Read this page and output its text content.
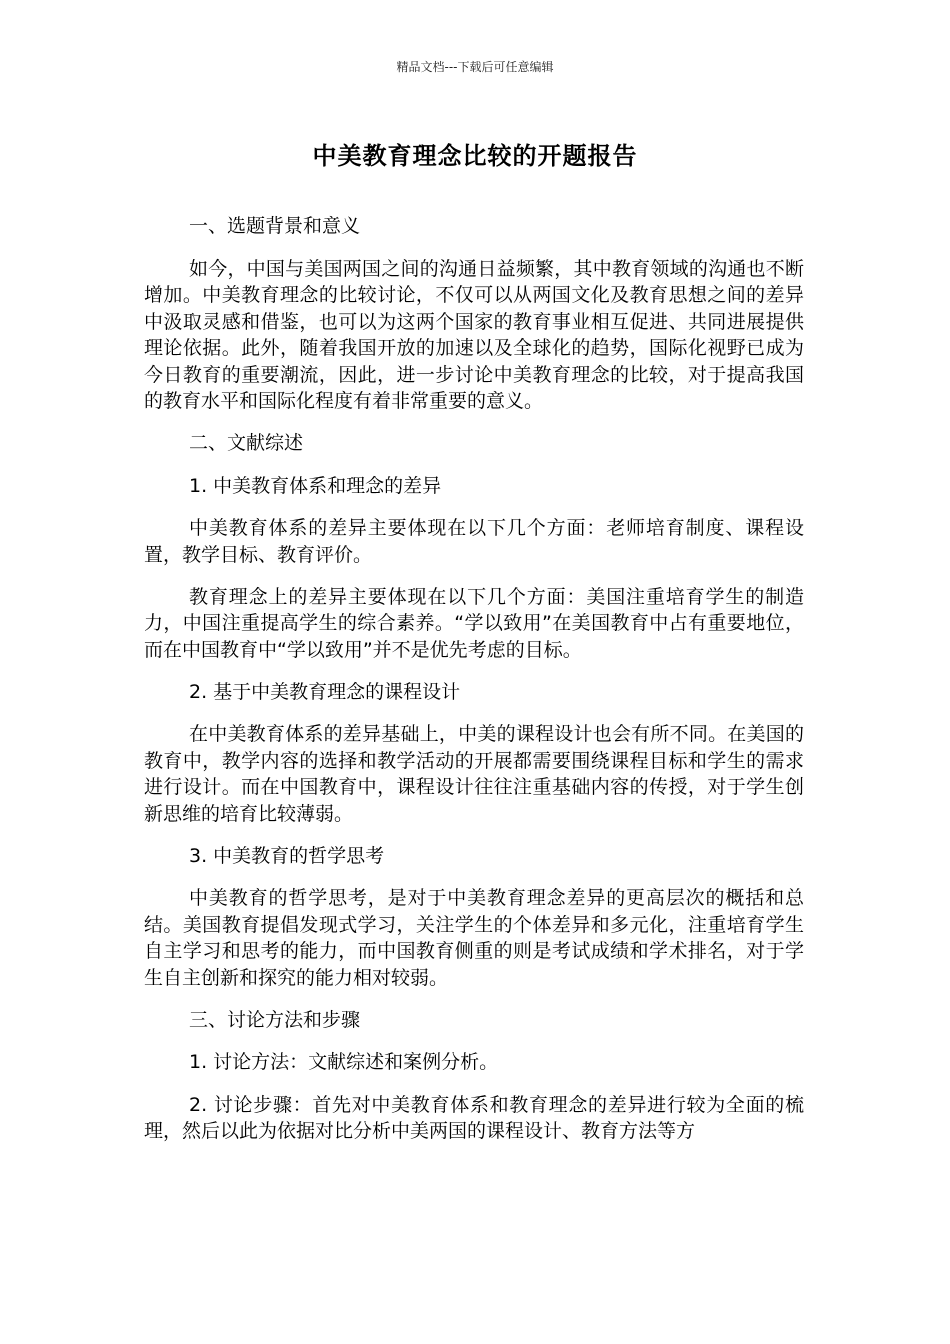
精品文档---下载后可任意编辑
中美教育理念比较的开题报告

一、选题背景和意义

如今，中国与美国两国之间的沟通日益频繁，其中教育领域的沟通也不断增加。中美教育理念的比较讨论，不仅可以从两国文化及教育思想之间的差异中汲取灵感和借鉴，也可以为这两个国家的教育事业相互促进、共同进展提供理论依据。此外，随着我国开放的加速以及全球化的趋势，国际化视野已成为今日教育的重要潮流，因此，进一步讨论中美教育理念的比较，对于提高我国的教育水平和国际化程度有着非常重要的意义。

二、文献综述

1. 中美教育体系和理念的差异

中美教育体系的差异主要体现在以下几个方面：老师培育制度、课程设置，教学目标、教育评价。

教育理念上的差异主要体现在以下几个方面：美国注重培育学生的制造力，中国注重提高学生的综合素养。“学以致用”在美国教育中占有重要地位，而在中国教育中“学以致用”并不是优先考虑的目标。

2. 基于中美教育理念的课程设计

在中美教育体系的差异基础上，中美的课程设计也会有所不同。在美国的教育中，教学内容的选择和教学活动的开展都需要围绕课程目标和学生的需求进行设计。而在中国教育中，课程设计往往注重基础内容的传授，对于学生创新思维的培育比较薄弱。

3. 中美教育的哲学思考

中美教育的哲学思考，是对于中美教育理念差异的更高层次的概括和总结。美国教育提倡发现式学习，关注学生的个体差异和多元化，注重培育学生自主学习和思考的能力，而中国教育侧重的则是考试成绩和学术排名，对于学生自主创新和探究的能力相对较弱。

三、讨论方法和步骤

1. 讨论方法：文献综述和案例分析。

2. 讨论步骤：首先对中美教育体系和教育理念的差异进行较为全面的梳理，然后以此为依据对比分析中美两国的课程设计、教育方法等方
